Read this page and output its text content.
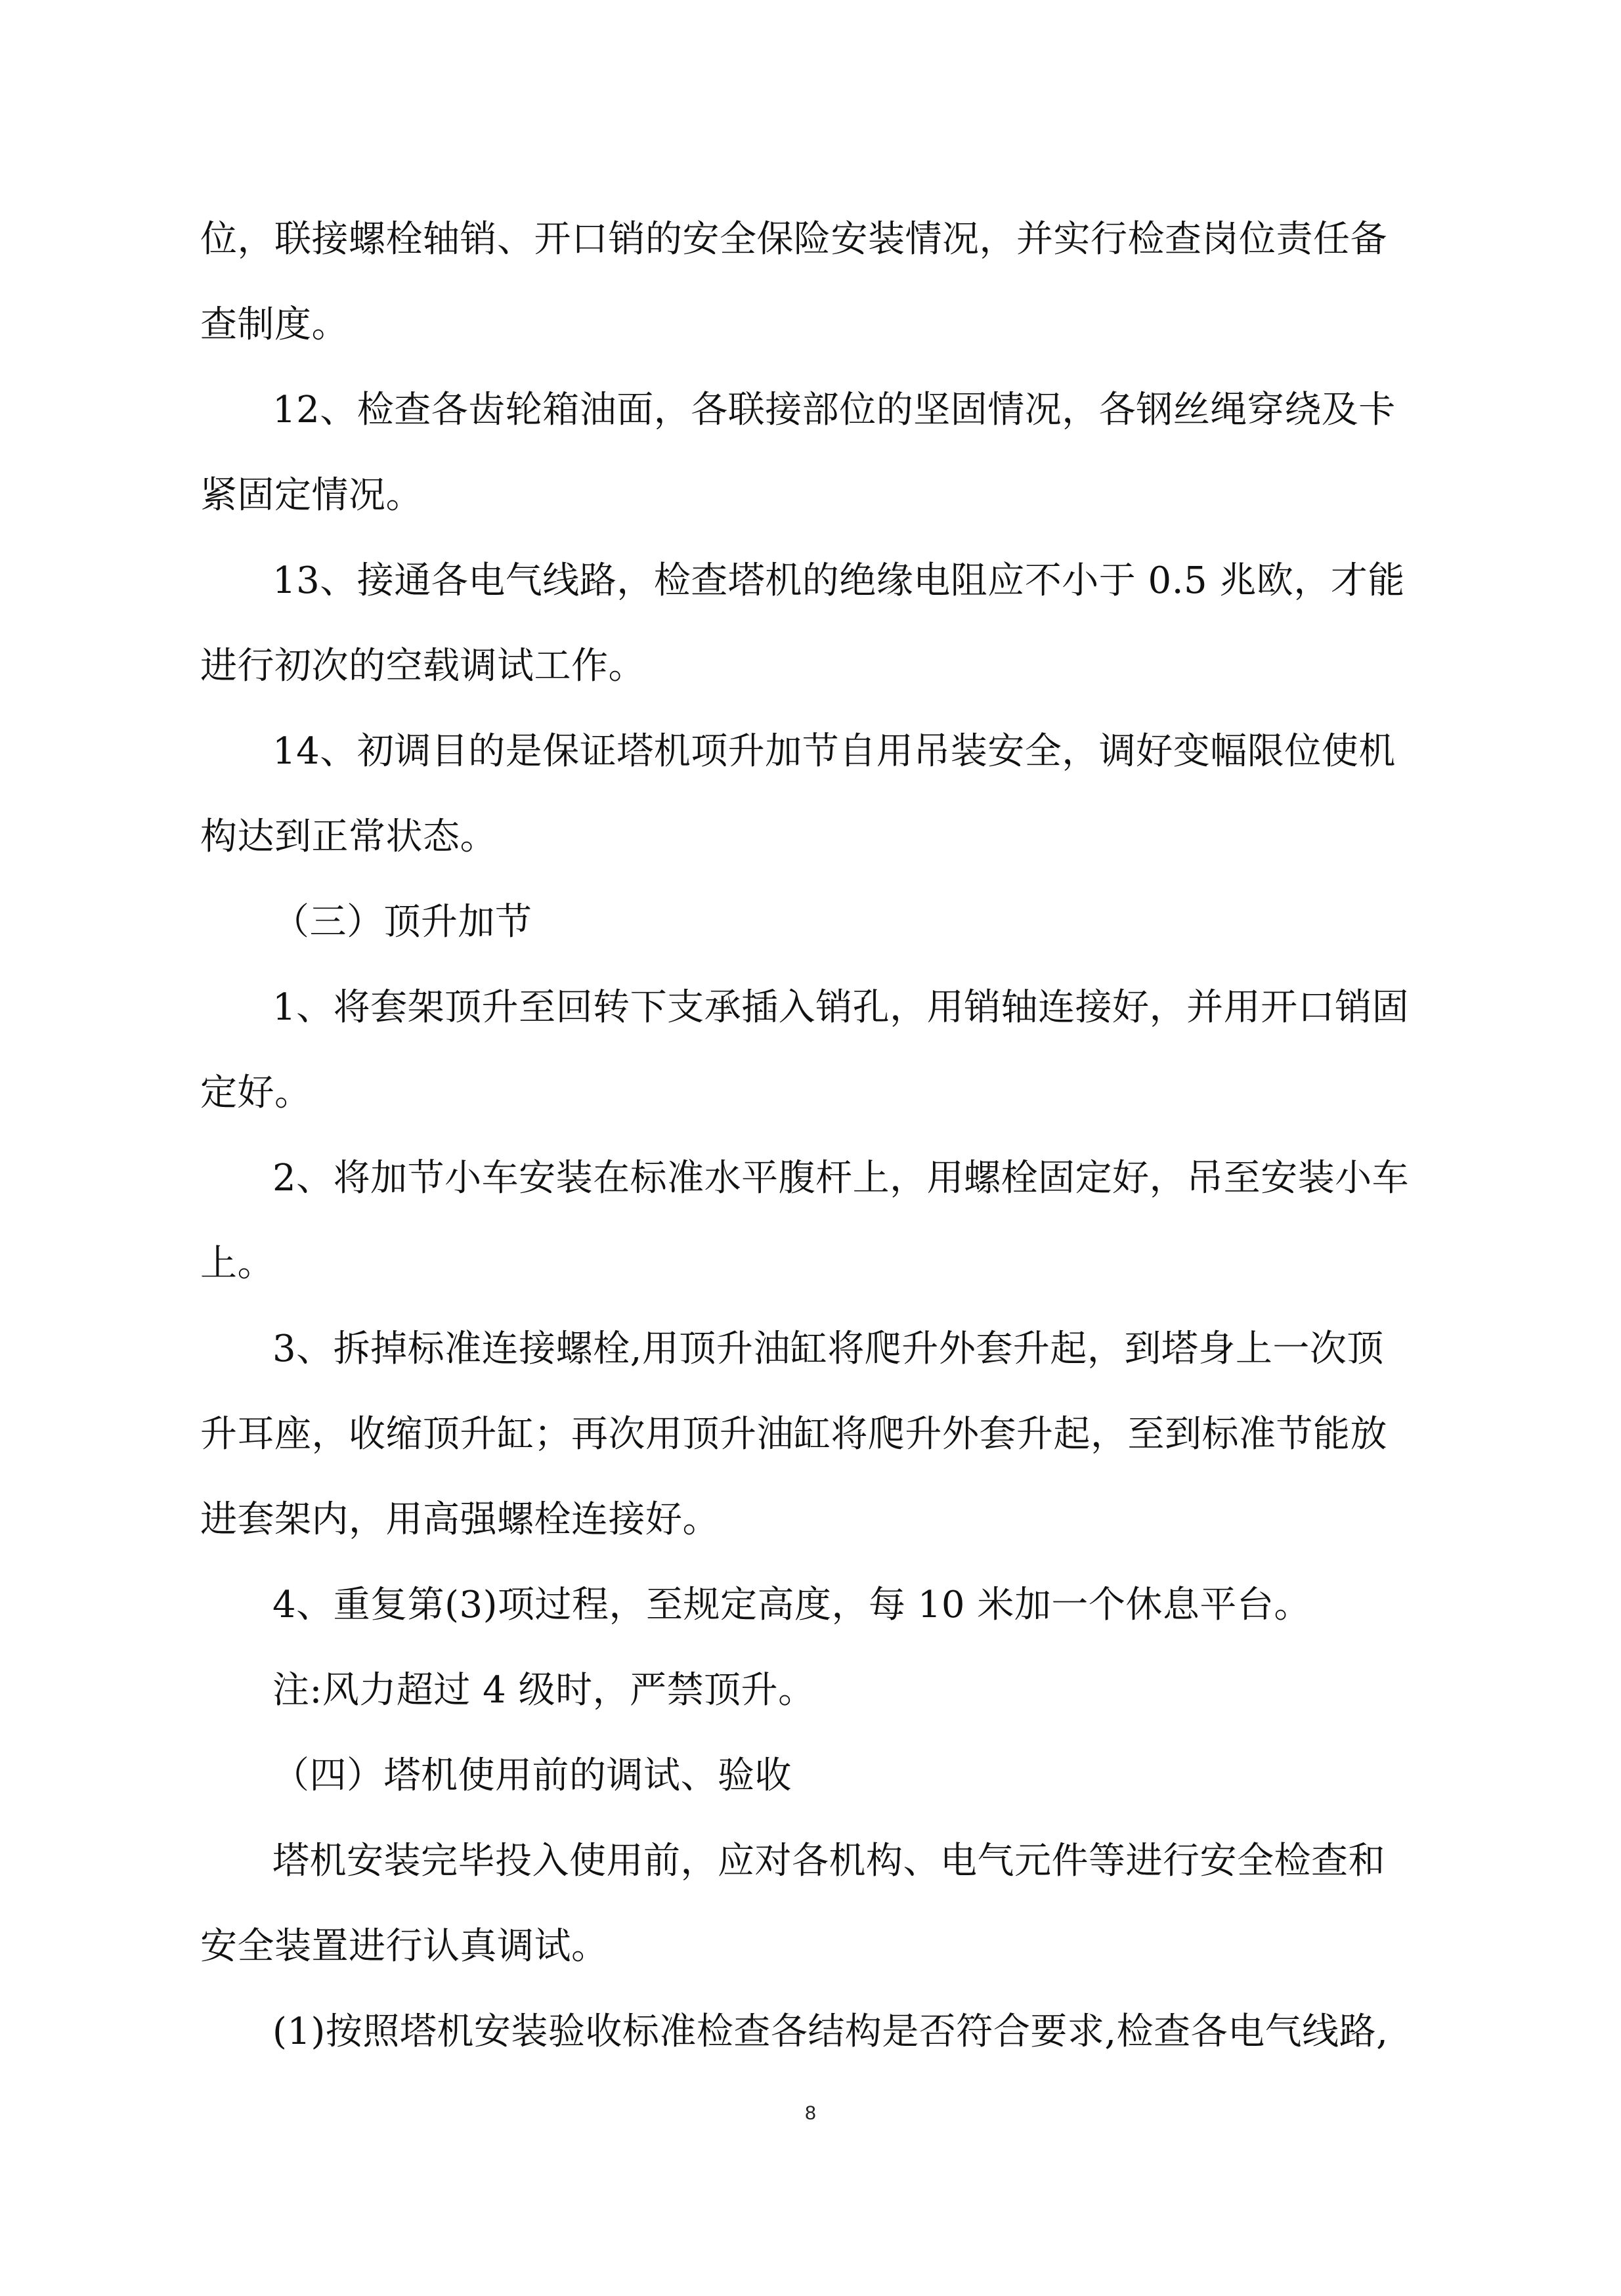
位，联接螺栓轴销、开口销的安全保险安装情况，并实行检查岗位责任备
查制度。
12、检查各齿轮箱油面，各联接部位的坚固情况，各钢丝绳穿绕及卡
紧固定情况。
13、接通各电气线路，检查塔机的绝缘电阻应不小于 0.5 兆欧，才能
进行初次的空载调试工作。
14、初调目的是保证塔机项升加节自用吊装安全，调好变幅限位使机
构达到正常状态。
（三）顶升加节
1、将套架顶升至回转下支承插入销孔，用销轴连接好，并用开口销固
定好。
2、将加节小车安装在标准水平腹杆上，用螺栓固定好，吊至安装小车
上。
3、拆掉标准连接螺栓,用顶升油缸将爬升外套升起，到塔身上一次顶
升耳座，收缩顶升缸；再次用顶升油缸将爬升外套升起，至到标准节能放
进套架内，用高强螺栓连接好。
4、重复第(3)项过程，至规定高度，每 10 米加一个休息平台。
注:风力超过 4 级时，严禁顶升。
（四）塔机使用前的调试、验收
塔机安装完毕投入使用前，应对各机构、电气元件等进行安全检查和
安全装置进行认真调试。
(1)按照塔机安装验收标准检查各结构是否符合要求,检查各电气线路,
8
